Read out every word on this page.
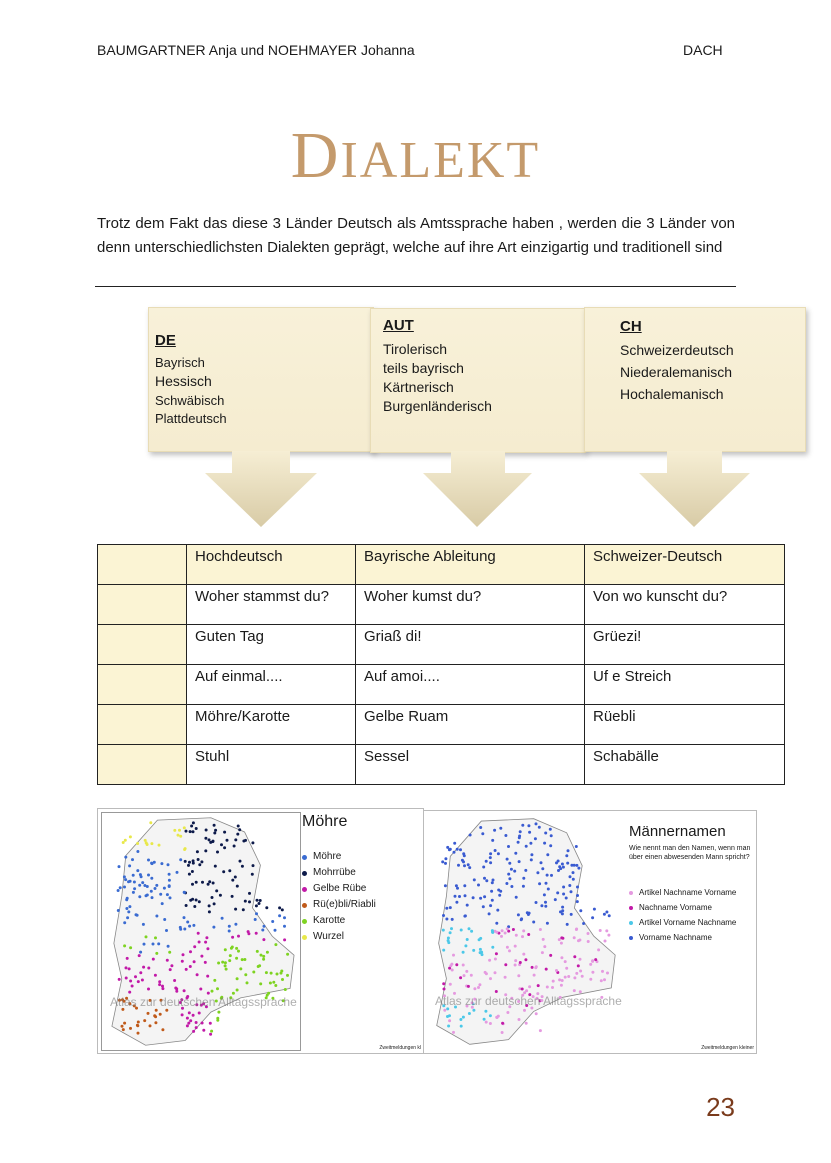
BAUMGARTNER Anja und NOEHMAYER Johanna	DACH
DIALEKT
Trotz dem Fakt das diese 3 Länder Deutsch als Amtssprache haben , werden die 3 Länder von denn unterschiedlichsten Dialekten geprägt, welche auf ihre Art einzigartig und traditionell sind
DE
Bayrisch
Hessisch
Schwäbisch
Plattdeutsch
AUT
Tirolerisch
teils bayrisch
Kärtnerisch
Burgenländerisch
CH
Schweizerdeutsch
Niederalemanisch
Hochalemanisch
	Hochdeutsch	Bayrische Ableitung	Schweizer-Deutsch
	Woher stammst du?	Woher kumst du?	Von wo kunscht du?
	Guten Tag	Griaß di!	Grüezi!
	Auf einmal....	Auf amoi....	Uf e Streich
	Möhre/Karotte	Gelbe Ruam	Rüebli
	Stuhl	Sessel	Schabälle
Atlas zur deutschen Alltagssprache
Möhre
Möhre
Mohrrübe
Gelbe Rübe
Rü(e)bli/Riabli
Karotte
Wurzel
Zweitmeldungen kl
Atlas zur deutschen Alltagssprache
Männernamen
Wie nennt man den Namen, wenn man über einen abwesenden Mann spricht?
Artikel Nachname Vorname
Nachname Vorname
Artikel Vorname Nachname
Vorname Nachname
Zweitmeldungen kleiner
23
